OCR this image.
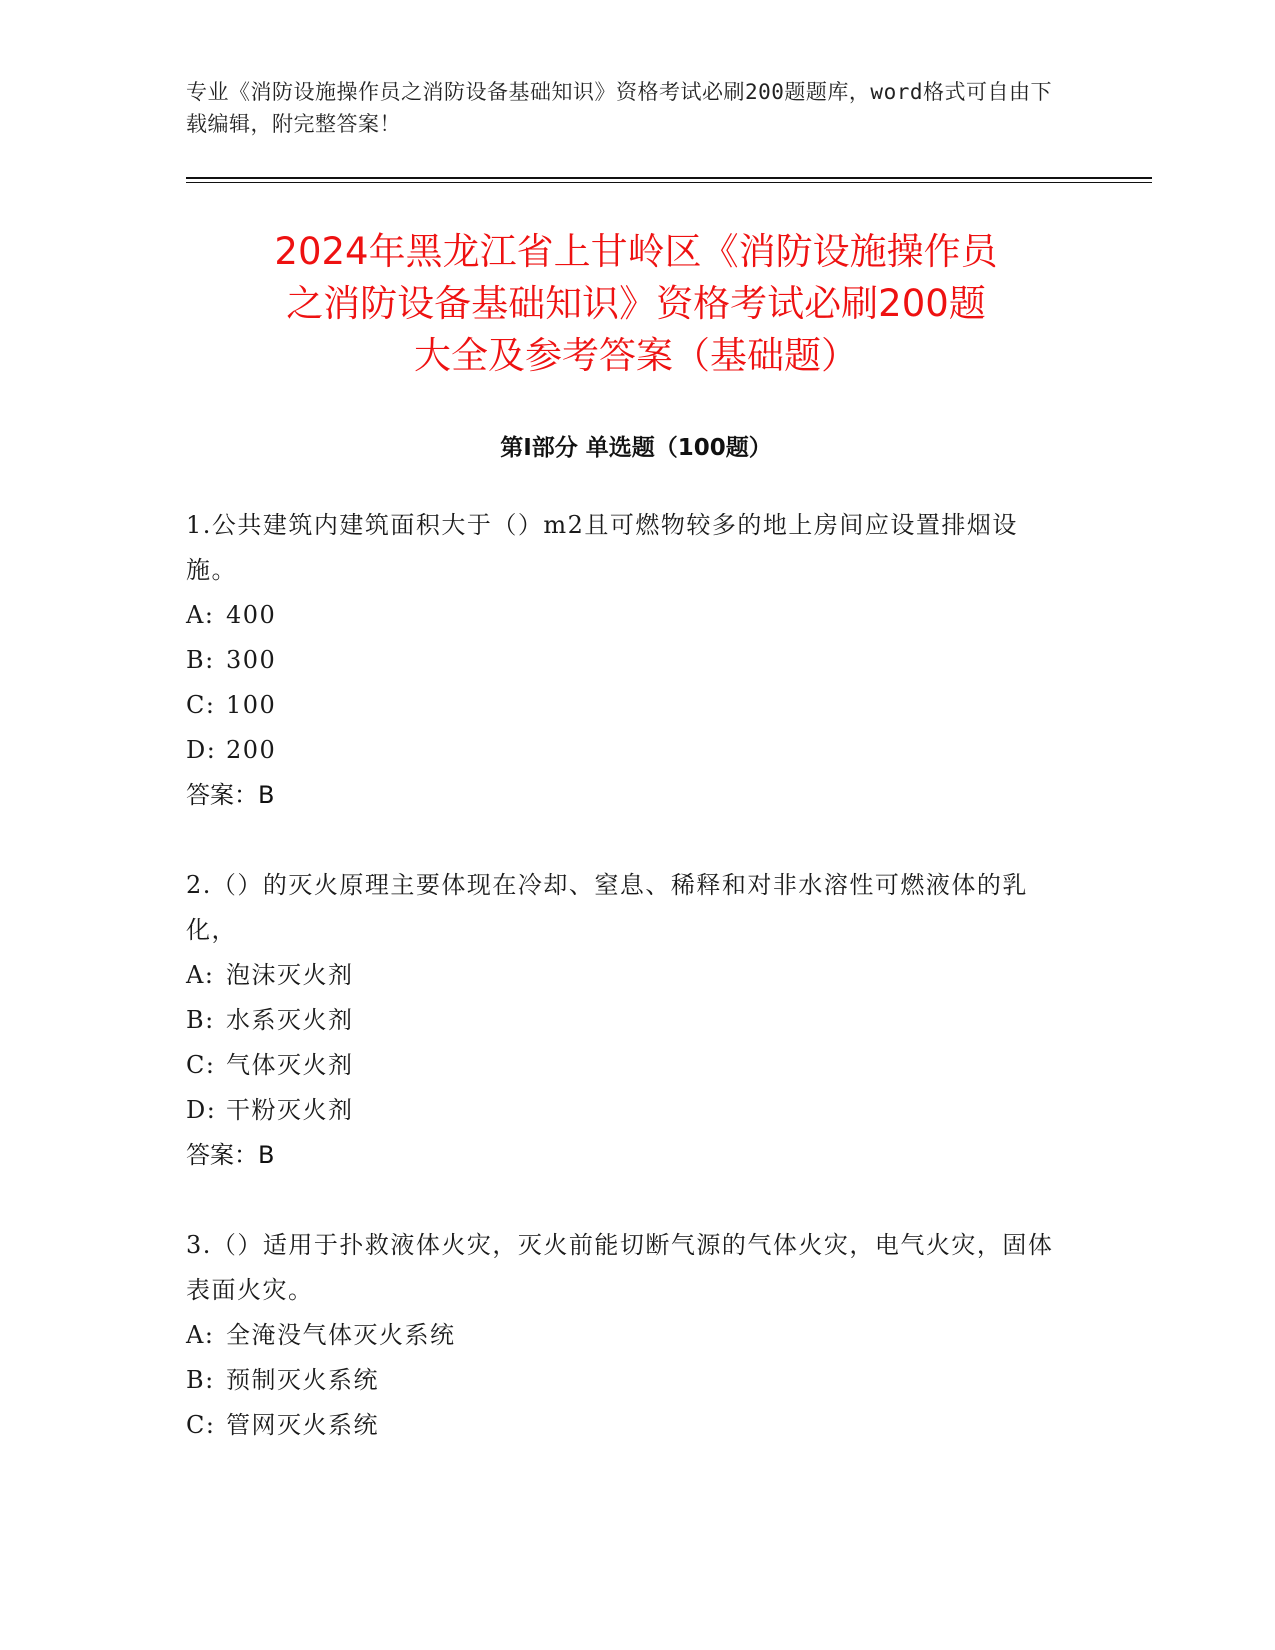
专业《消防设施操作员之消防设备基础知识》资格考试必刷200题题库，word格式可自由下载编辑，附完整答案！
2024年黑龙江省上甘岭区《消防设施操作员
之消防设备基础知识》资格考试必刷200题
大全及参考答案（基础题）
第I部分 单选题（100题）
1.公共建筑内建筑面积大于（）m2且可燃物较多的地上房间应设置排烟设施。
A: 400
B: 300
C: 100
D: 200
答案：B
2.（）的灭火原理主要体现在冷却、窒息、稀释和对非水溶性可燃液体的乳化，
A: 泡沫灭火剂
B: 水系灭火剂
C: 气体灭火剂
D: 干粉灭火剂
答案：B
3.（）适用于扑救液体火灾，灭火前能切断气源的气体火灾，电气火灾，固体表面火灾。
A: 全淹没气体灭火系统
B: 预制灭火系统
C: 管网灭火系统
